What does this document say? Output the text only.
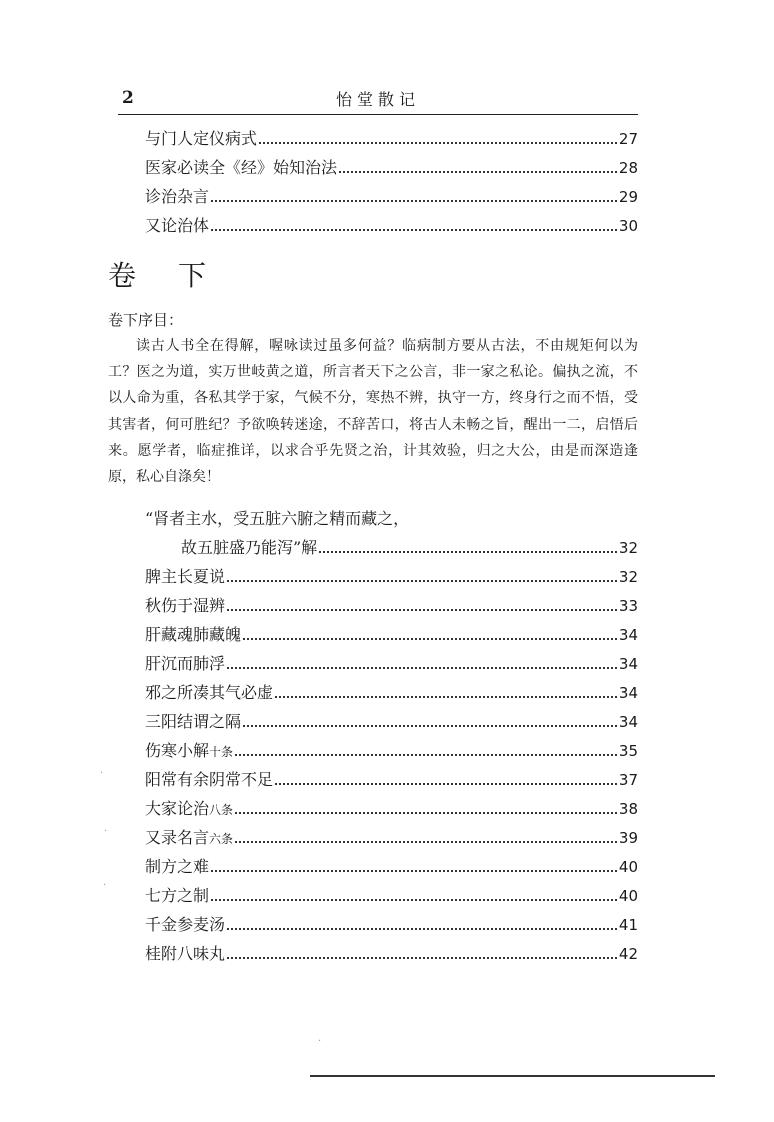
2	怡堂散记
与门人定仪病式	27
医家必读全《经》始知治法	28
诊治杂言	29
又论治体	30
卷下
卷下序目：
读古人书全在得解，喔咏读过虽多何益？临病制方要从古法，不由规矩何以为工？医之为道，实万世岐黄之道，所言者天下之公言，非一家之私论。偏执之流，不以人命为重，各私其学于家，气候不分，寒热不辨，执守一方，终身行之而不悟，受其害者，何可胜纪？予欲唤转迷途，不辞苦口，将古人未畅之旨，醒出一二，启悟后来。愿学者，临症推详，以求合乎先贤之治，计其效验，归之大公，由是而深造逢原，私心自涤矣！
“肾者主水，受五脏六腑之精而藏之，
故五脏盛乃能泻”解	32
脾主长夏说	32
秋伤于湿辨	33
肝藏魂肺藏魄	34
肝沉而肺浮	34
邪之所凑其气必虚	34
三阳结谓之隔	34
伤寒小解十条	35
阳常有余阴常不足	37
大家论治八条	38
又录名言六条	39
制方之难	40
七方之制	40
千金参麦汤	41
桂附八味丸	42
·
·
·
·
